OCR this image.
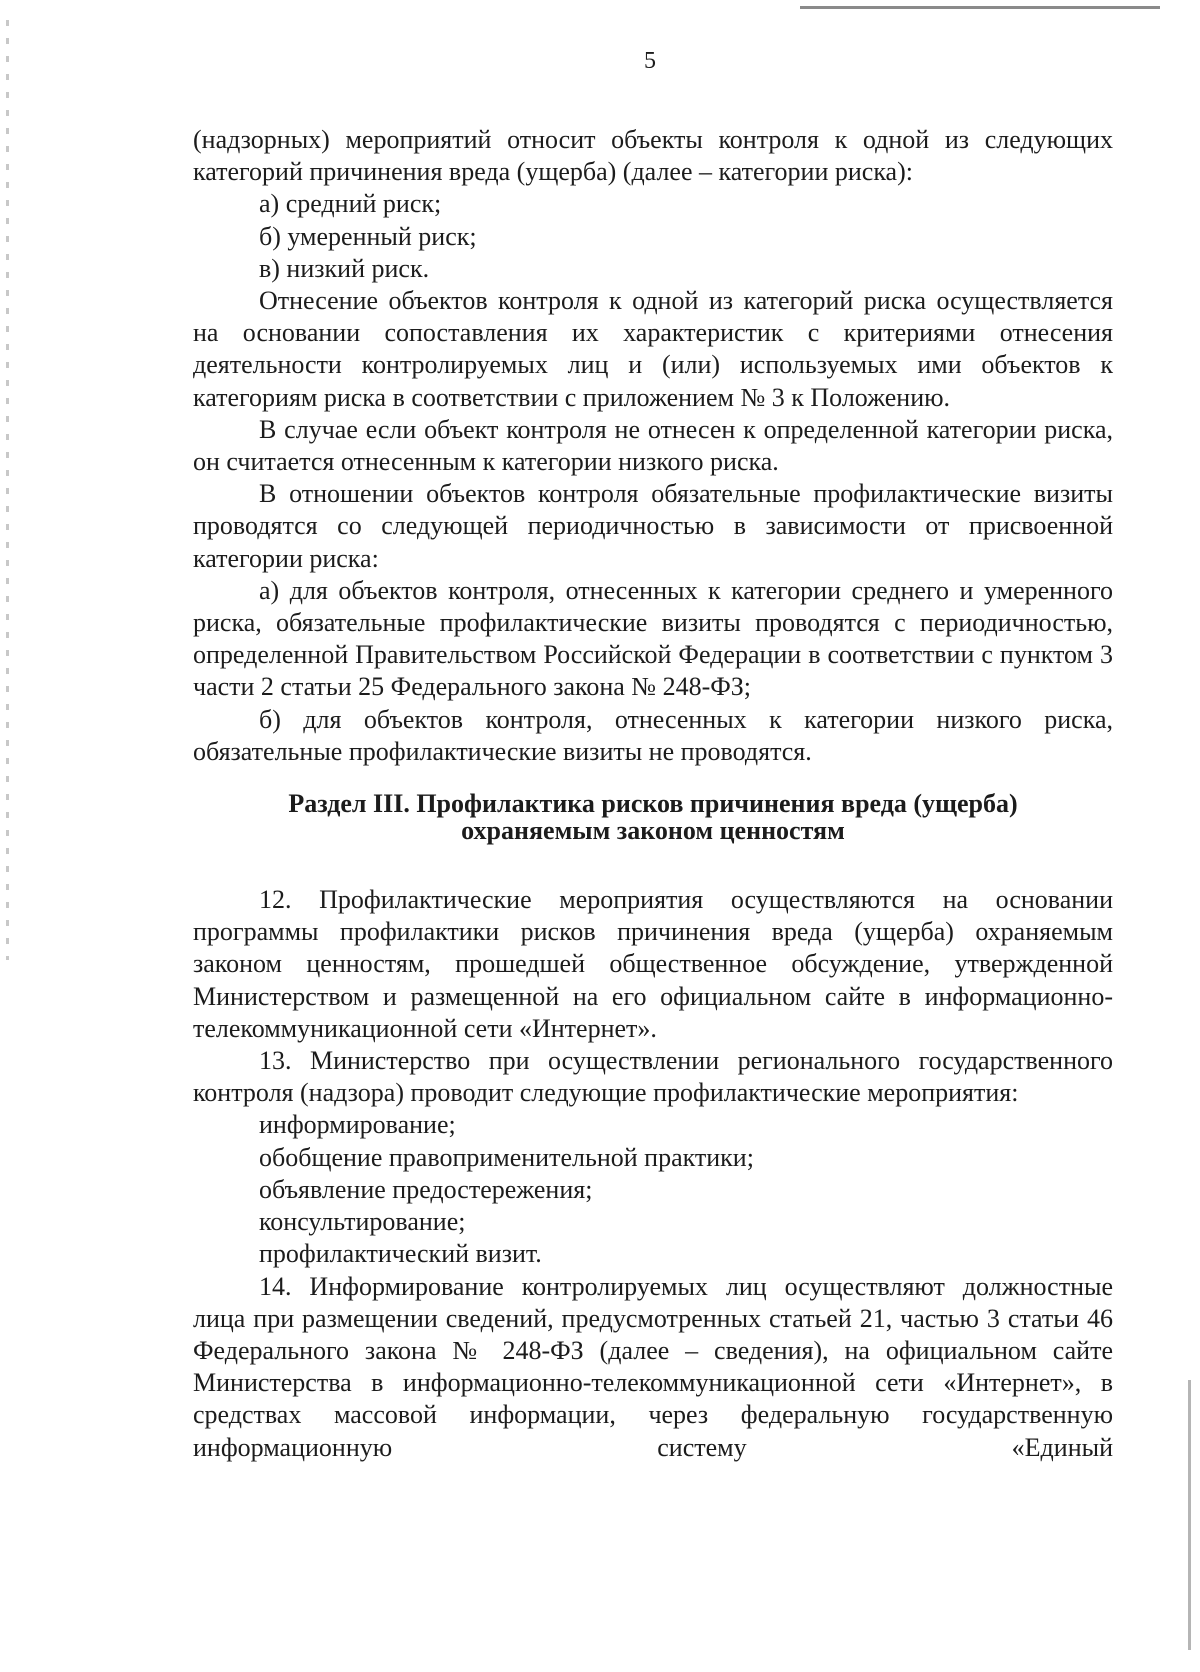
5

(надзорных) мероприятий относит объекты контроля к одной из следующих

категорий причинения вреда (ущерба) (далее – категории риска):

а) средний риск;

б) умеренный риск;

в) низкий риск.

Отнесение объектов контроля к одной из категорий риска осуществляется на основании сопоставления их характеристик с критериями отнесения деятельности контролируемых лиц и (или) используемых ими объектов к категориям риска в соответствии с приложением № 3 к Положению.

В случае если объект контроля не отнесен к определенной категории риска, он считается отнесенным к категории низкого риска.

В отношении объектов контроля обязательные профилактические визиты проводятся со следующей периодичностью в зависимости от присвоенной категории риска:

а) для объектов контроля, отнесенных к категории среднего и умеренного риска, обязательные профилактические визиты проводятся с периодичностью, определенной Правительством Российской Федерации в соответствии с пунктом 3 части 2 статьи 25 Федерального закона № 248-ФЗ;

б) для объектов контроля, отнесенных к категории низкого риска, обязательные профилактические визиты не проводятся.

Раздел III. Профилактика рисков причинения вреда (ущерба)
охраняемым законом ценностям

12. Профилактические мероприятия осуществляются на основании программы профилактики рисков причинения вреда (ущерба) охраняемым законом ценностям, прошедшей общественное обсуждение, утвержденной Министерством и размещенной на его официальном сайте в информационно-телекоммуникационной сети «Интернет».

13. Министерство при осуществлении регионального государственного контроля (надзора) проводит следующие профилактические мероприятия:

информирование;

обобщение правоприменительной практики;

объявление предостережения;

консультирование;

профилактический визит.

14. Информирование контролируемых лиц осуществляют должностные лица при размещении сведений, предусмотренных статьей 21, частью 3 статьи 46 Федерального закона № 248-ФЗ (далее – сведения), на официальном сайте Министерства в информационно-телекоммуникационной сети «Интернет», в средствах массовой информации, через федеральную государственную информационную систему «Единый
